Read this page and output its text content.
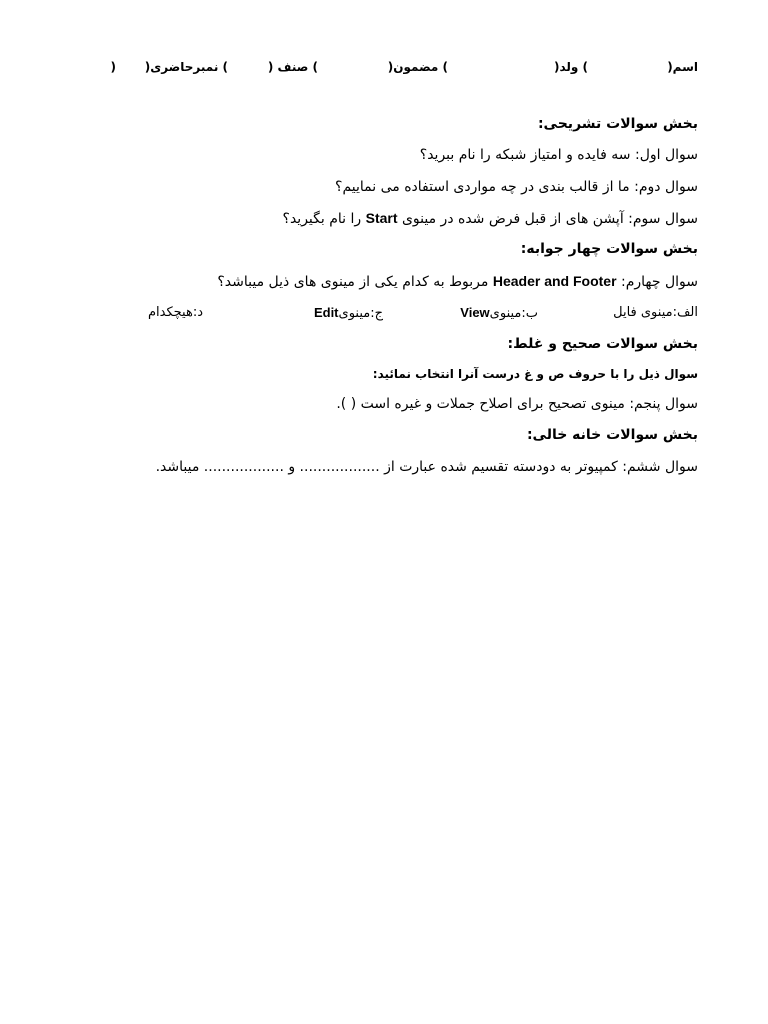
اسم(
) ولد(
) مضمون(
) صنف (
) نمبرحاضری(
)
بخش سوالات تشریحی:
سوال اول: سه فایده و امتیاز شبکه را نام ببرید؟
سوال دوم: ما از قالب بندی در چه مواردی استفاده می نماییم؟
سوال سوم: آپشن های از قبل فرض شده در مینوی Start را نام بگیرید؟
بخش سوالات چهار جوابه:
سوال چهارم: Header and Footer مربوط به کدام یکی از مینوی های ذیل میباشد؟
الف:مینوی فایل
ب:مینویView
ج:مینویEdit
د:هیچکدام
بخش سوالات صحیح و غلط:
سوال ذیل را با حروف ص و غ درست آنرا انتخاب نمائید:
سوال پنجم: مینوی تصحیح برای اصلاح جملات و غیره است ( ).
بخش سوالات خانه خالی:
سوال ششم: کمپیوتر به دودسته تقسیم شده عبارت از .................. و .................. میباشد.
